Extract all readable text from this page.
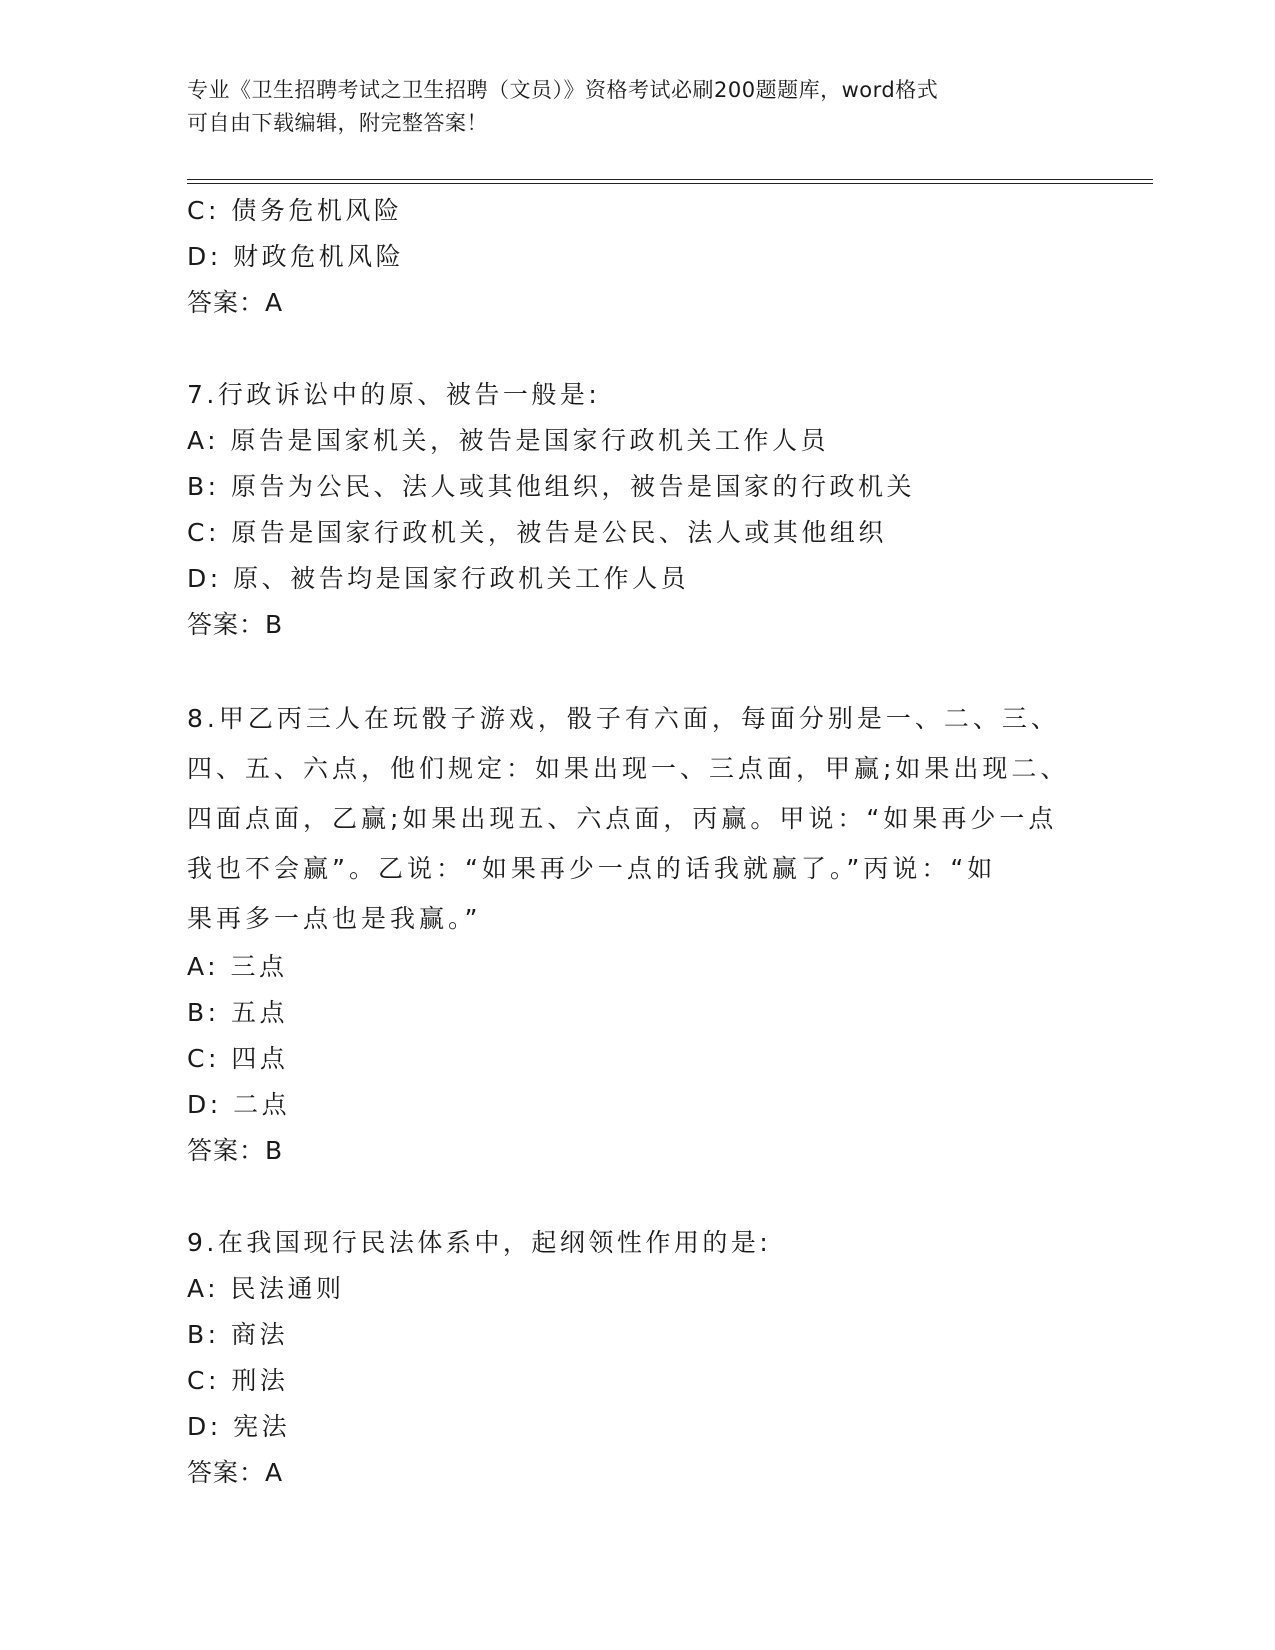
专业《卫生招聘考试之卫生招聘（文员）》资格考试必刷200题题库，word格式
可自由下载编辑，附完整答案！
C: 债务危机风险
D: 财政危机风险
答案：A
7.行政诉讼中的原、被告一般是:
A: 原告是国家机关，被告是国家行政机关工作人员
B: 原告为公民、法人或其他组织，被告是国家的行政机关
C: 原告是国家行政机关，被告是公民、法人或其他组织
D: 原、被告均是国家行政机关工作人员
答案：B
8.甲乙丙三人在玩骰子游戏，骰子有六面，每面分别是一、二、三、
四、五、六点，他们规定：如果出现一、三点面，甲赢;如果出现二、
四面点面，乙赢;如果出现五、六点面，丙赢。甲说：“如果再少一点
我也不会赢”。乙说：“如果再少一点的话我就赢了。”丙说：“如
果再多一点也是我赢。”
A: 三点
B: 五点
C: 四点
D: 二点
答案：B
9.在我国现行民法体系中，起纲领性作用的是:
A: 民法通则
B: 商法
C: 刑法
D: 宪法
答案：A
